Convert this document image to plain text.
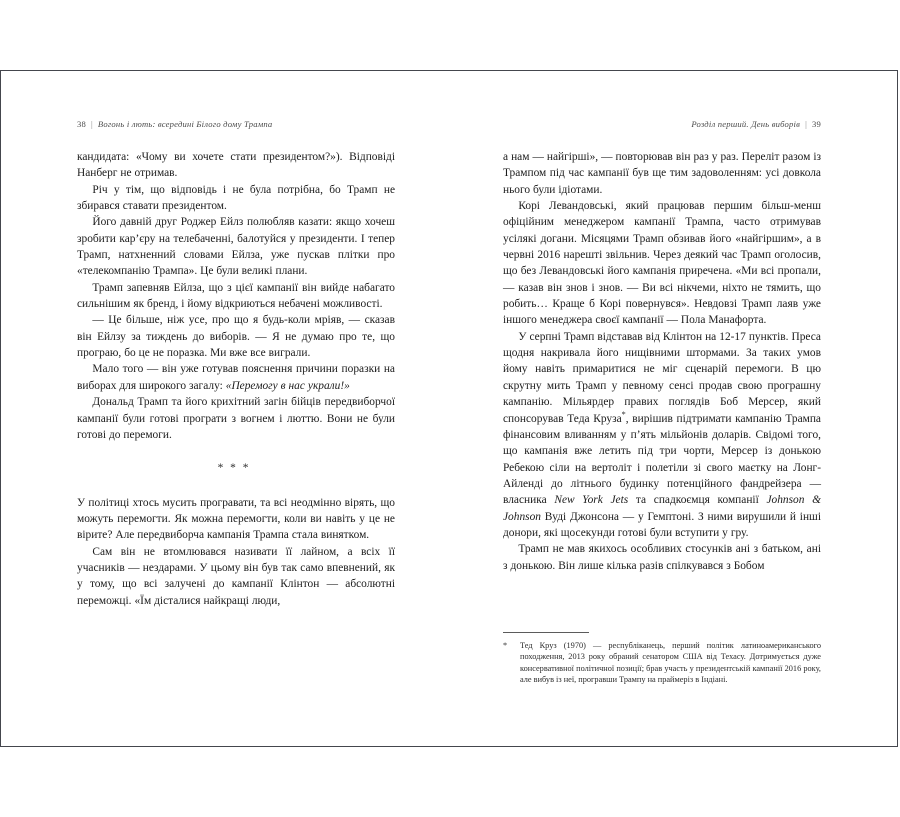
38 | Вогонь і лють: всередині Білого дому Трампа

кандидата: «Чому ви хочете стати президентом?»). Відповіді Нанберг не отримав.

Річ у тім, що відповідь і не була потрібна, бо Трамп не збирався ставати президентом.

Його давній друг Роджер Ейлз полюбляв казати: якщо хочеш зробити кар’єру на телебаченні, балотуйся у президенти. І тепер Трамп, натхненний словами Ейлза, уже пускав плітки про «телекомпанію Трампа». Це були великі плани.

Трамп запевняв Ейлза, що з цієї кампанії він вийде набагато сильнішим як бренд, і йому відкриються небачені можливості.

— Це більше, ніж усе, про що я будь-коли мріяв, — сказав він Ейлзу за тиждень до виборів. — Я не думаю про те, що програю, бо це не поразка. Ми вже все виграли.

Мало того — він уже готував пояснення причини поразки на виборах для широкого загалу: «Перемогу в нас украли!»

Дональд Трамп та його крихітний загін бійців передвиборчої кампанії були готові програти з вогнем і люттю. Вони не були готові до перемоги.

* * *

У політиці хтось мусить програвати, та всі неодмінно вірять, що можуть перемогти. Як можна перемогти, коли ви навіть у це не вірите? Але передвиборча кампанія Трампа стала винятком.

Сам він не втомлювався називати її лайном, а всіх її учасників — нездарами. У цьому він був так само впевнений, як у тому, що всі залучені до кампанії Клінтон — абсолютні переможці. «Їм дісталися найкращі люди,

Розділ перший. День виборів | 39

а нам — найгірші», — повторював він раз у раз. Переліт разом із Трампом під час кампанії був ще тим задоволенням: усі довкола нього були ідіотами.

Корі Левандовські, який працював першим більш-менш офіційним менеджером кампанії Трампа, часто отримував усілякі догани. Місяцями Трамп обзивав його «найгіршим», а в червні 2016 нарешті звільнив. Через деякий час Трамп оголосив, що без Левандовські його кампанія приречена. «Ми всі пропали, — казав він знов і знов. — Ви всі нікчеми, ніхто не тямить, що робить… Краще б Корі повернувся». Невдовзі Трамп лаяв уже іншого менеджера своєї кампанії — Пола Манафорта.

У серпні Трамп відставав від Клінтон на 12-17 пунктів. Преса щодня накривала його нищівними штормами. За таких умов йому навіть примаритися не міг сценарій перемоги. В цю скрутну мить Трамп у певному сенсі продав свою програшну кампанію. Мільярдер правих поглядів Боб Мерсер, який спонсорував Теда Круза*, вирішив підтримати кампанію Трампа фінансовим вливанням у п’ять мільйонів доларів. Свідомі того, що кампанія вже летить під три чорти, Мерсер із донькою Ребекою сіли на вертоліт і полетіли зі свого маєтку на Лонг-Айленді до літнього будинку потенційного фандрейзера — власника New York Jets та спадкоємця компанії Johnson & Johnson Вуді Джонсона — у Гемптоні. З ними вирушили й інші донори, які щосекунди готові були вступити у гру.

Трамп не мав якихось особливих стосунків ані з батьком, ані з донькою. Він лише кілька разів спілкувався з Бобом

* Тед Круз (1970) — республіканець, перший політик латиноамериканського походження, 2013 року обраний сенатором США від Техасу. Дотримується дуже консервативної політичної позиції; брав участь у президентській кампанії 2016 року, але вибув із неї, програвши Трампу на праймеріз в Індіані.
